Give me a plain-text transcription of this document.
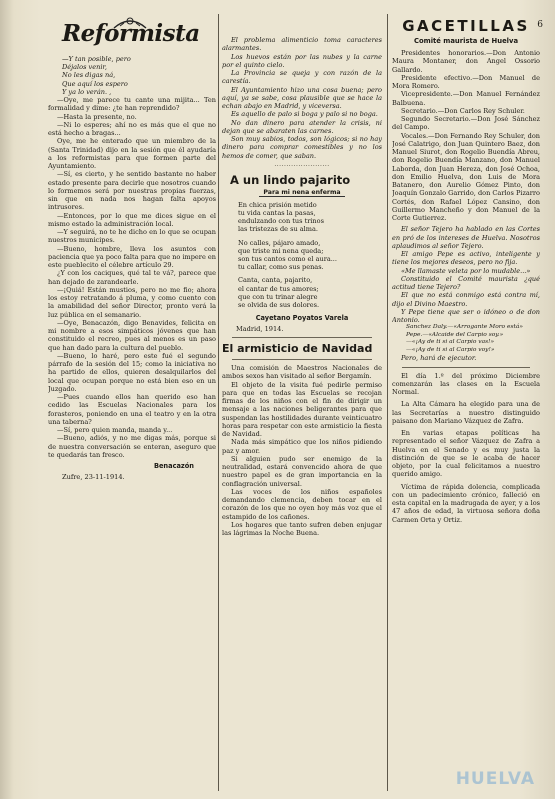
Reformista
—Y tan posible, pero
Déjalos venir,
No les digas ná,
Que aquí los espero
Y ya lo verán. ,

—Oye, me parece tu cante una mijita... Ten formalidad y dime: ¿te han reprendido?

—Hasta la presente, no.

—Ni lo esperes; ahí no es más que el que no está hecho a bragas...

Oye, me he enterado que un miembro de la (Santa Trinidad) dijo en la sesión que él ayudaría a los reformistas para que formen parte del Ayuntamiento.

—Sí, es cierto, y he sentido bastante no haber estado presente para decirle que nosotros cuando lo formemos será por nuestras propias fuerzas, sin que en nada nos hagan falta apoyos intrusores.

—Entonces, por lo que me dices sigue en el mismo estado la administración local.

—Y seguirá, no te he dicho en lo que se ocupan nuestros municipes.

—Bueno, hombre, lleva los asuntos con paciencia que ya poco falta para que no impere en este pueblecito el célebre artículo 29.

¿Y con los caciques, qué tal te vá?, parece que han dejado de zarandearle.

—¡Quiá! Están mustios, pero no me fio; ahora los estoy retratando á pluma, y como cuento con la amabilidad del señor Director, pronto verá la luz pública en el semanario.

—Oye, Benacazón, digo Benavides, felicita en mi nombre a esos simpáticos jóvenes que han constituido el recreo, pues al menos es un paso que han dado para la cultura del pueblo.

—Bueno, lo haré, pero este fué el segundo párrafo de la sesión del 15; como la iniciativa no ha partido de ellos, quieren desalquilarlos del local que ocupan porque no está bien eso en un Juzgado.

—Pues cuando ellos han querido eso han cedido las Escuelas Nacionales para los forasteros, poniendo en una el teatro y en la otra una taberna?

—Sí, pero quien manda, manda y...

—Bueno, adiós, y no me digas más, porque si de nuestra conversación se enteran, aseguro que te quedarás tan fresco.

Benacazón
Zufre, 23-11-1914.

El problema alimenticio toma caracteres alarmantes.

Los huevos están por las nubes y la carne por el quinto cielo.

La Provincia se queja y con razón de la carestía.

El Ayuntamiento hizo una cosa buena; pero aquí, ya se sabe, cosa plausible que se hace la echan abajo en Madrid, y viceversa.

Es aquello de palo si boga y palo si no boga.

No dan dinero para atender la crisis, ni dejan que se abaraten las carnes.

Son muy sabios, todos, son lógicos; si no hay dinero para comprar comestibles y no los hemos de comer, que saban.

·······················
A un lindo pajarito
Para mi nena enferma
En chica prisión metido
tu vida cantas la pasas,
endulzando con tus trinos
las tristezas de su alma.
No calles, pájaro amado,
que triste mi nena queda;
son tus cantos como el aura...
tu callar, como sus penas.
Canta, canta, pajarito,
el cantar de tus amores;
que con tu trinar alegre
se olvida de sus dolores.
Cayetano Poyatos Varela
Madrid, 1914.
El armisticio de Navidad

Una comisión de Maestros Nacionales de ambos sexos han visitado al señor Bergamín.

El objeto de la visita fué pedirle permiso para que en todas las Escuelas se recojan firmas de los niños con el fin de dirigir un mensaje a las naciones beligerantes para que suspendan las hostilidades durante veinticuatro horas para respetar con este armisticio la fiesta de Navidad.

Nada más simpático que los niños pidiendo paz y amor.

Si alguien pudo ser enemigo de la neutralidad, estará convencido ahora de que nuestro papel es de gran importancia en la conflagración universal.

Las voces de los niños españoles demandando clemencia, deben tocar en el corazón de los que no oyen hoy más voz que el estampido de los cañones.

Los hogares que tanto sufren deben enjugar las lágrimas la Noche Buena.

GACETILLAS
Comité maurista de Huelva

Presidentes honorarios.—Don Antonio Maura Montaner, don Angel Ossorio Gallardo.

Presidente efectivo.—Don Manuel de Mora Romero.

Vicepresidente.—Don Manuel Fernández Balbuena.

Secretario.—Don Carlos Rey Schuler.

Segundo Secretario.—Don José Sánchez del Campo.

Vocales.—Don Fernando Rey Schuler, don José Calatrigo, don Juan Quintero Baez, don Manuel Siurot, don Rogelio Buendía Abreu, don Rogelio Buendía Manzano, don Manuel Laborda, don Juan Hereza, don José Ochoa, don Emilio Huelva, don Luis de Mora Batanero, don Aurelio Gómez Pinto, don Joaquín Gonzalo Garrido, don Carlos Pizarro Cortés, don Rafael López Cansino, don Guillermo Mancheño y don Manuel de la Corte Gutierrez.

El señor Tejero ha hablado en las Cortes en pró de los intereses de Huelva. Nosotros aplaudimos al señor Tejero.

El amigo Pepe es activo, inteligente y tiene los mejores deseos, pero no fija.

«Me llamaste veleta por lo mudable...»

Constituido el Comité maurista ¿qué actitud tiene Tejero?

El que no está conmigo está contra mí, dijo el Divino Maestro.

Y Pepe tiene que ser o idóneo o de don Antonio.

Sanchez Daly.—«Arrogante Moro está»
Pepe.—«Alcaide del Carpio soy.»
—«¡Ay de ti si al Carpio vas!»
—«¡Ay de ti si al Carpio voy!»

Pero, hará de ejecutor.

El día 1.º del próximo Diciembre comenzarán las clases en la Escuela Normal.

La Alta Cámara ha elegido para una de las Secretarías a nuestro distinguido paisano don Mariano Vázquez de Zafra.

En varias etapas políticas ha representado el señor Vázquez de Zafra a Huelva en el Senado y es muy justa la distinción de que se le acaba de hacer objeto, por la cual felicitamos a nuestro querido amigo.

Víctima de rápida dolencia, complicada con un padecimiento crónico, falleció en esta capital en la madrugada de ayer, y a los 47 años de edad, la virtuosa señora doña Carmen Orta y Ortiz.

6
HUELVA
